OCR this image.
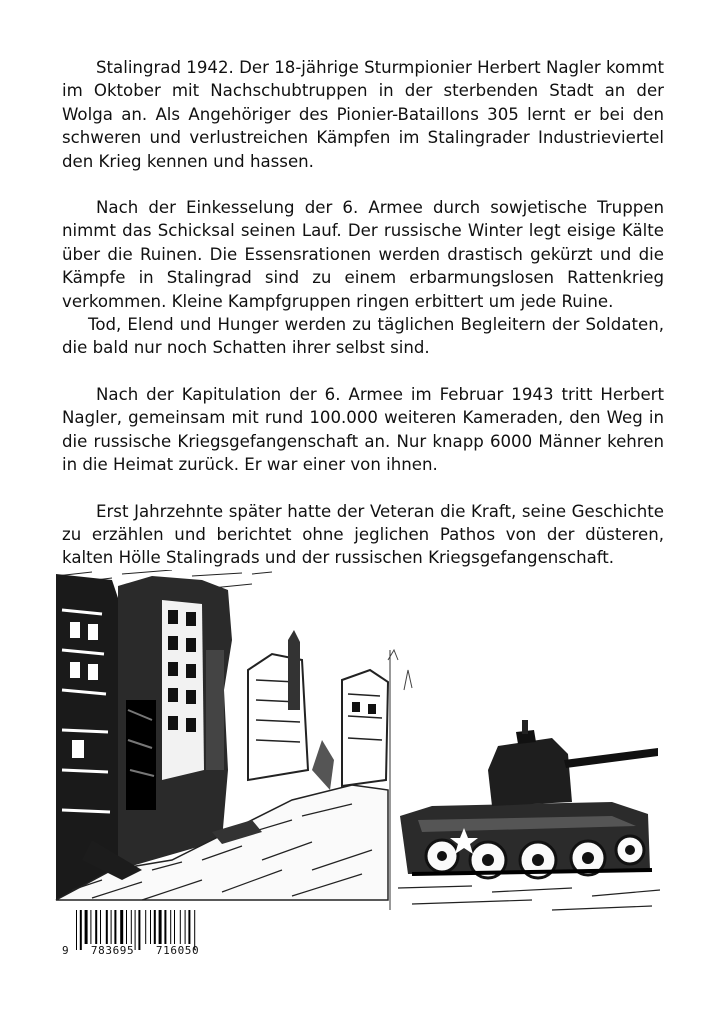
Stalingrad 1942. Der 18-jährige Sturmpionier Herbert Nagler kommt im Oktober mit Nachschubtruppen in der sterbenden Stadt an der Wolga an. Als Angehöriger des Pionier-Bataillons 305 lernt er bei den schweren und verlustreichen Kämpfen im Stalingrader Industrieviertel den Krieg kennen und hassen.

Nach der Einkesselung der 6. Armee durch sowjetische Truppen nimmt das Schicksal seinen Lauf. Der russische Winter legt eisige Kälte über die Ruinen. Die Essensrationen werden drastisch gekürzt und die Kämpfe in Stalingrad sind zu einem erbarmungslosen Rattenkrieg verkommen. Kleine Kampfgruppen ringen erbittert um jede Ruine.

Tod, Elend und Hunger werden zu täglichen Begleitern der Soldaten, die bald nur noch Schatten ihrer selbst sind.

Nach der Kapitulation der 6. Armee im Februar 1943 tritt Herbert Nagler, gemeinsam mit rund 100.000 weiteren Kameraden, den Weg in die russische Kriegsgefangenschaft an. Nur knapp 6000 Männer kehren in die Heimat zurück. Er war einer von ihnen.

Erst Jahrzehnte später hatte der Veteran die Kraft, seine Geschichte zu erzählen und berichtet ohne jeglichen Pathos von der düsteren, kalten Hölle Stalingrads und der russischen Kriegsgefangenschaft.

9 783695 716050
